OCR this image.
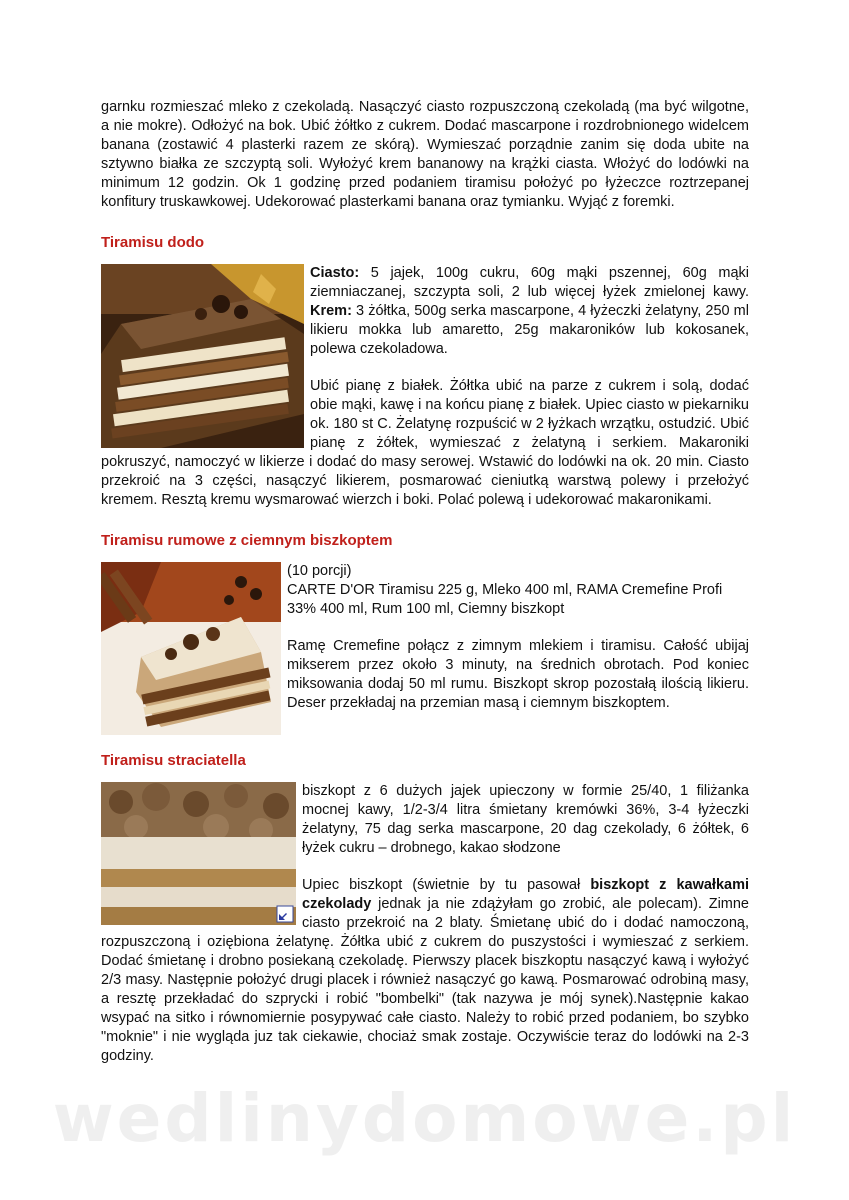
garnku rozmieszać mleko z czekoladą. Nasączyć ciasto rozpuszczoną czekoladą (ma być wilgotne, a nie mokre). Odłożyć na bok. Ubić żółtko z cukrem. Dodać mascarpone i rozdrobnionego widelcem banana (zostawić 4 plasterki razem ze skórą). Wymieszać porządnie zanim się doda ubite na sztywno białka ze szczyptą soli. Wyłożyć krem bananowy na krążki ciasta. Włożyć do lodówki na minimum 12 godzin. Ok 1 godzinę przed podaniem tiramisu położyć po łyżeczce roztrzepanej konfitury truskawkowej. Udekorować plasterkami banana oraz tymianku. Wyjąć z foremki.

Tiramisu dodo

Ciasto: 5 jajek, 100g cukru, 60g mąki pszennej, 60g mąki ziemniaczanej, szczypta soli, 2 lub więcej łyżek zmielonej kawy. Krem: 3 żółtka, 500g serka mascarpone, 4 łyżeczki żelatyny, 250 ml likieru mokka lub amaretto, 25g makaroników lub kokosanek, polewa czekoladowa.

Ubić pianę z białek. Żółtka ubić na parze z cukrem i solą, dodać obie mąki, kawę i na końcu pianę z białek. Upiec ciasto w piekarniku ok. 180 st C. Żelatynę rozpuścić w 2 łyżkach wrzątku, ostudzić. Ubić pianę z żółtek, wymieszać z żelatyną i serkiem. Makaroniki pokruszyć, namoczyć w likierze i dodać do masy serowej. Wstawić do lodówki na ok. 20 min. Ciasto przekroić na 3 części, nasączyć likierem, posmarować cieniutką warstwą polewy i przełożyć kremem. Resztą kremu wysmarować wierzch i boki. Polać polewą i udekorować makaronikami.

Tiramisu rumowe z ciemnym biszkoptem

(10 porcji)

CARTE D'OR Tiramisu 225 g, Mleko 400 ml, RAMA Cremefine Profi 33% 400 ml, Rum 100 ml, Ciemny biszkopt

Ramę Cremefine połącz z zimnym mlekiem i tiramisu. Całość ubijaj mikserem przez około 3 minuty, na średnich obrotach. Pod koniec miksowania dodaj 50 ml rumu. Biszkopt skrop pozostałą ilością likieru. Deser przekładaj na przemian masą i ciemnym biszkoptem.

Tiramisu straciatella

biszkopt z 6 dużych jajek upieczony w formie 25/40, 1 filiżanka mocnej kawy, 1/2-3/4 litra śmietany kremówki 36%, 3-4 łyżeczki żelatyny, 75 dag serka mascarpone, 20 dag czekolady, 6 żółtek, 6 łyżek cukru – drobnego, kakao słodzone

Upiec biszkopt (świetnie by tu pasował biszkopt z kawałkami czekolady jednak ja nie zdążyłam go zrobić, ale polecam). Zimne ciasto przekroić na 2 blaty. Śmietanę ubić do i dodać namoczoną, rozpuszczoną i oziębiona żelatynę. Żółtka ubić z cukrem do puszystości i wymieszać z serkiem. Dodać śmietanę i drobno posiekaną czekoladę. Pierwszy placek biszkoptu nasączyć kawą i wyłożyć 2/3 masy. Następnie położyć drugi placek i również nasączyć go kawą. Posmarować odrobiną masy, a resztę przekładać do szprycki i robić "bombelki" (tak nazywa je mój synek).Następnie kakao wsypać na sitko i równomiernie posypywać całe ciasto. Należy to robić przed podaniem, bo szybko "moknie" i nie wygląda juz tak ciekawie, chociaż smak zostaje. Oczywiście teraz do lodówki na 2-3 godziny.

wedlinydomowe.pl
